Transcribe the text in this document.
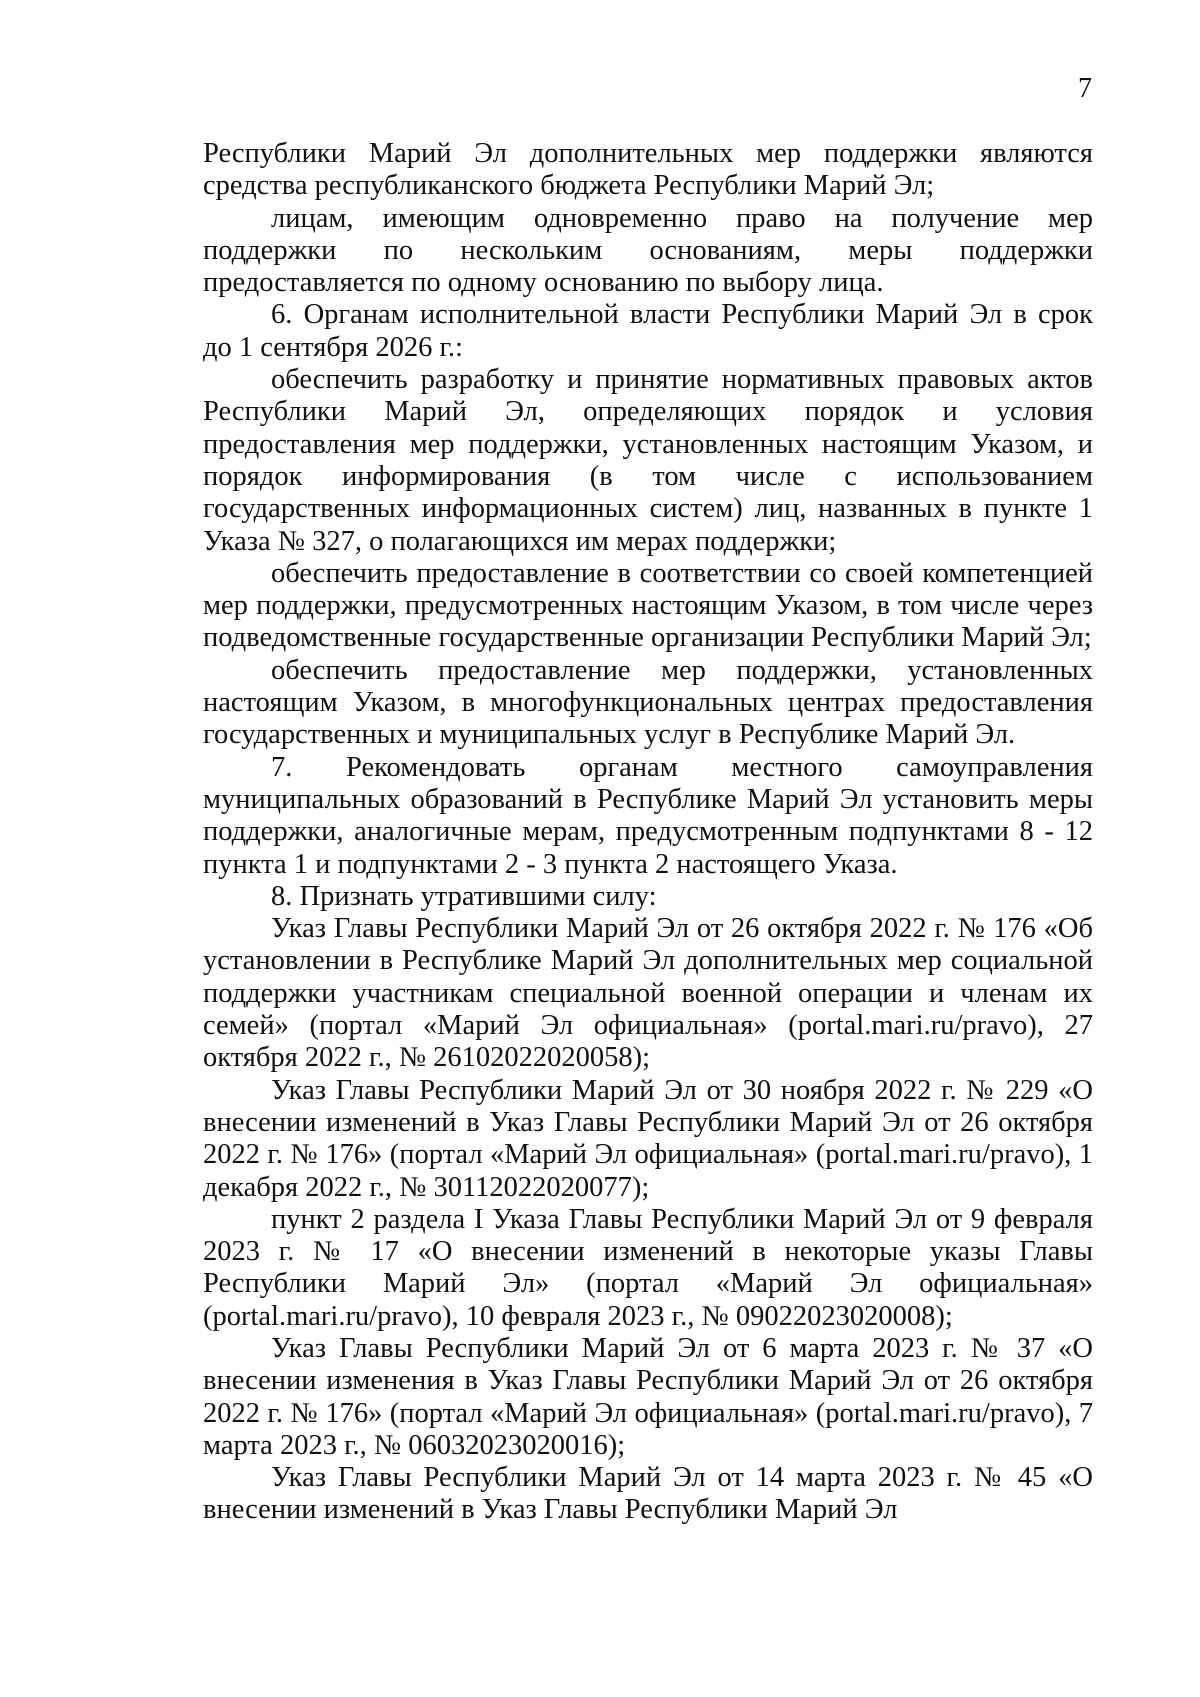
7

Республики Марий Эл дополнительных мер поддержки являются средства республиканского бюджета Республики Марий Эл;

лицам, имеющим одновременно право на получение мер поддержки по нескольким основаниям, меры поддержки предоставляется по одному основанию по выбору лица.

6. Органам исполнительной власти Республики Марий Эл в срок до 1 сентября 2026 г.:

обеспечить разработку и принятие нормативных правовых актов Республики Марий Эл, определяющих порядок и условия предоставления мер поддержки, установленных настоящим Указом, и порядок информирования (в том числе с использованием государственных информационных систем) лиц, названных в пункте 1 Указа № 327, о полагающихся им мерах поддержки;

обеспечить предоставление в соответствии со своей компетенцией мер поддержки, предусмотренных настоящим Указом, в том числе через подведомственные государственные организации Республики Марий Эл;

обеспечить предоставление мер поддержки, установленных настоящим Указом, в многофункциональных центрах предоставления государственных и муниципальных услуг в Республике Марий Эл.

7. Рекомендовать органам местного самоуправления муниципальных образований в Республике Марий Эл установить меры поддержки, аналогичные мерам, предусмотренным подпунктами 8 - 12 пункта 1 и подпунктами 2 - 3 пункта 2 настоящего Указа.

8. Признать утратившими силу:

Указ Главы Республики Марий Эл от 26 октября 2022 г. № 176 «Об установлении в Республике Марий Эл дополнительных мер социальной поддержки участникам специальной военной операции и членам их семей» (портал «Марий Эл официальная» (portal.mari.ru/pravo), 27 октября 2022 г., № 26102022020058);

Указ Главы Республики Марий Эл от 30 ноября 2022 г. № 229 «О внесении изменений в Указ Главы Республики Марий Эл от 26 октября 2022 г. № 176» (портал «Марий Эл официальная» (portal.mari.ru/pravo), 1 декабря 2022 г., № 30112022020077);

пункт 2 раздела I Указа Главы Республики Марий Эл от 9 февраля 2023 г. № 17 «О внесении изменений в некоторые указы Главы Республики Марий Эл» (портал «Марий Эл официальная» (portal.mari.ru/pravo), 10 февраля 2023 г., № 09022023020008);

Указ Главы Республики Марий Эл от 6 марта 2023 г. № 37 «О внесении изменения в Указ Главы Республики Марий Эл от 26 октября 2022 г. № 176» (портал «Марий Эл официальная» (portal.mari.ru/pravo), 7 марта 2023 г., № 06032023020016);

Указ Главы Республики Марий Эл от 14 марта 2023 г. № 45 «О внесении изменений в Указ Главы Республики Марий Эл
